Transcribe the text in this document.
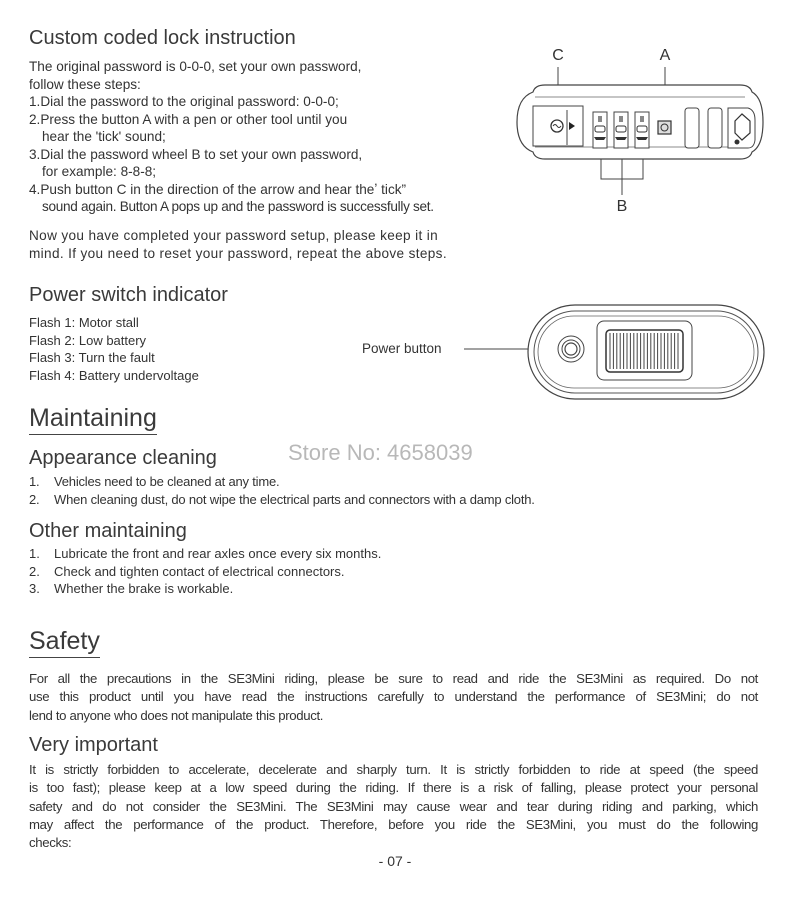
Custom coded lock instruction
The original password is 0-0-0, set your own password,
follow these steps:
1.Dial the password to the original password: 0-0-0;
2.Press the button A with a pen or other tool until you
hear the 'tick' sound;
3.Dial the password wheel B to set your own password,
for example: 8-8-8;
4.Push button C in the direction of the arrow and hear theʼ tick”
sound again. Button A pops up and the password is successfully set.
Now you have completed your password setup, please keep it in
mind. If you need to reset your password, repeat the above steps.
C	A
B
Power switch indicator
Flash 1: Motor stall
Flash 2: Low battery
Flash 3: Turn the fault
Flash 4: Battery undervoltage
Power button
Maintaining
Appearance cleaning	Store No: 4658039
1. Vehicles need to be cleaned at any time.
2. When cleaning dust, do not wipe the electrical parts and connectors with a damp cloth.
Other maintaining
1. Lubricate the front and rear axles once every six months.
2. Check and tighten contact of electrical connectors.
3. Whether the brake is workable.
Safety
For all the precautions in the SE3Mini riding, please be sure to read and ride the SE3Mini as required. Do not
use this product until you have read the instructions carefully to understand the performance of SE3Mini; do not
lend to anyone who does not manipulate this product.
Very important
It is strictly forbidden to accelerate, decelerate and sharply turn. It is strictly forbidden to ride at speed (the speed
is too fast); please keep at a low speed during the riding. If there is a risk of falling, please protect your personal
safety and do not consider the SE3Mini. The SE3Mini may cause wear and tear during riding and parking, which
may affect the performance of the product. Therefore, before you ride the SE3Mini, you must do the following
checks:
- 07 -
